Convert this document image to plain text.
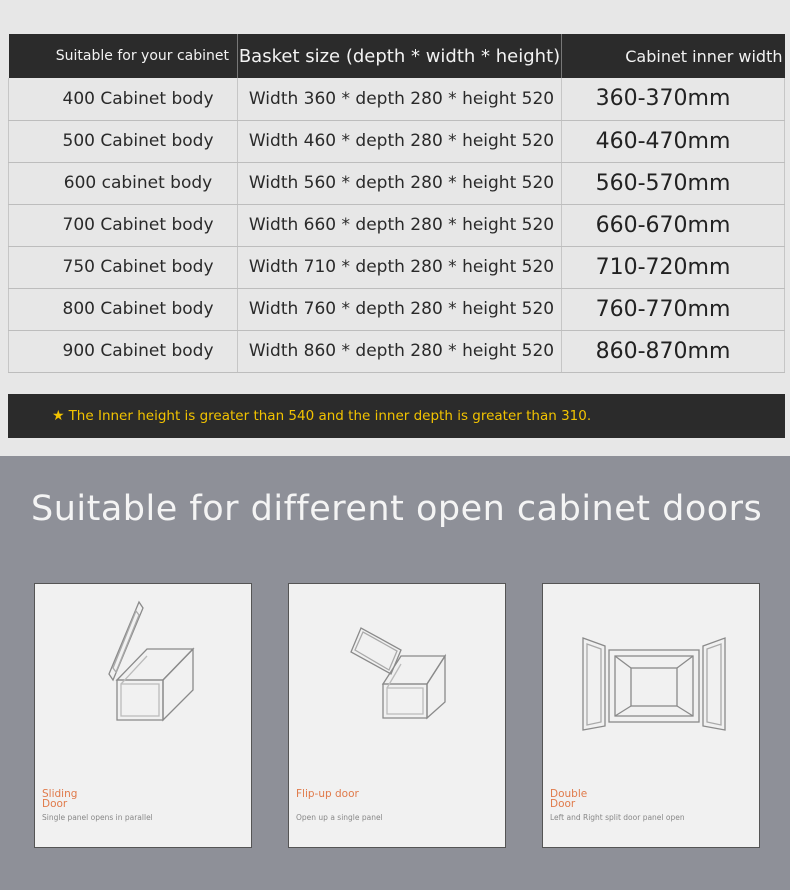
Suitable for your cabinet	Basket size (depth * width * height)	Cabinet inner width
400 Cabinet body	Width 360 * depth 280 * height 520	360-370mm
500 Cabinet body	Width 460 * depth 280 * height 520	460-470mm
600 cabinet body	Width 560 * depth 280 * height 520	560-570mm
700 Cabinet body	Width 660 * depth 280 * height 520	660-670mm
750 Cabinet body	Width 710 * depth 280 * height 520	710-720mm
800 Cabinet body	Width 760 * depth 280 * height 520	760-770mm
900 Cabinet body	Width 860 * depth 280 * height 520	860-870mm
★ The Inner height is greater than 540 and the inner depth is greater than 310.
Suitable for different open cabinet doors
Sliding
Door
Single panel opens in parallel
Flip-up door
Open up a single panel
Double
Door
Left and Right split door panel open
